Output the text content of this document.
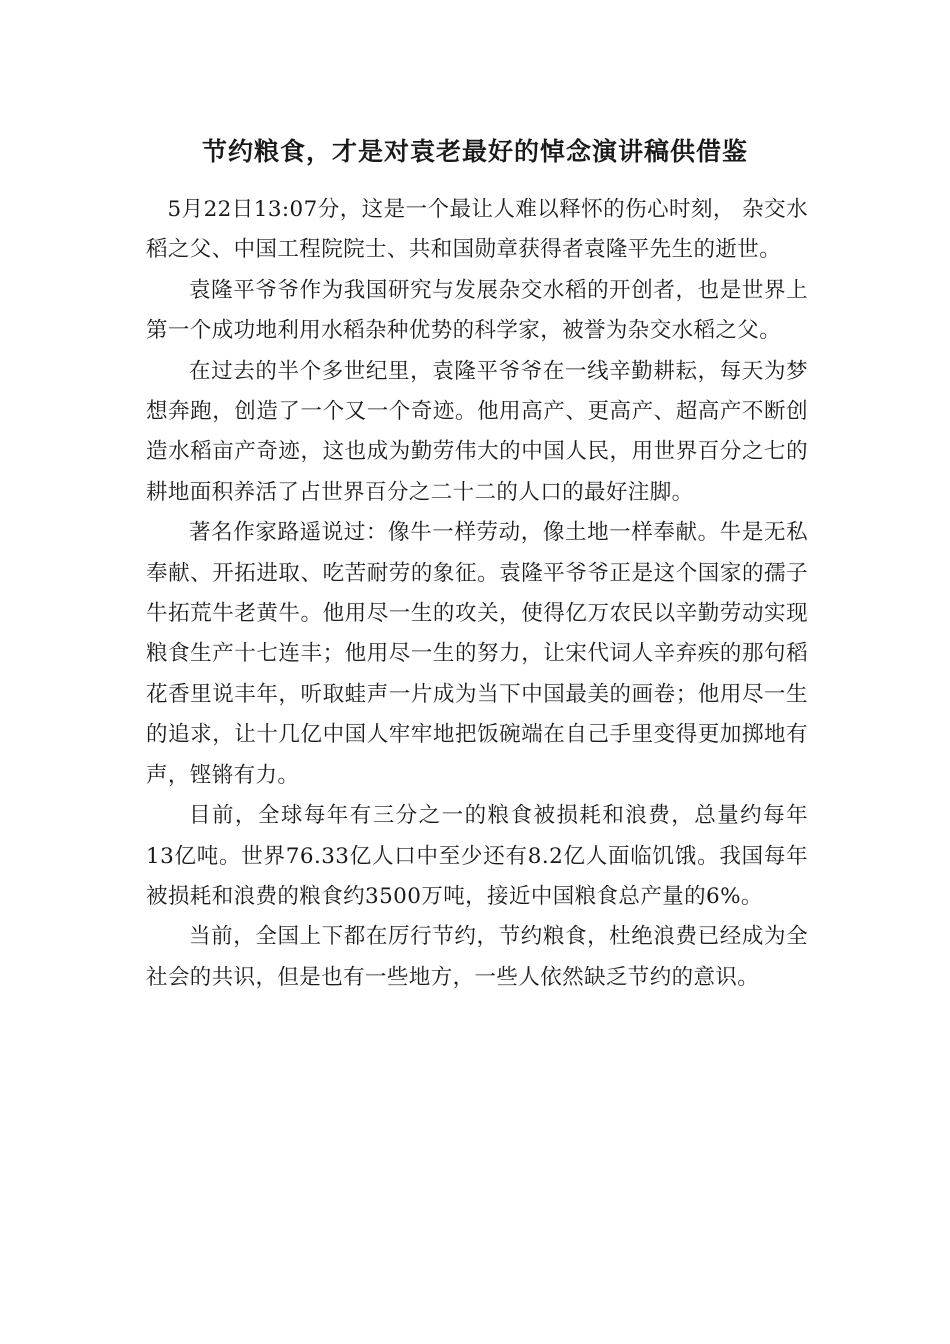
节约粮食，才是对袁老最好的悼念演讲稿供借鉴

5月22日13:07分，这是一个最让人难以释怀的伤心时刻， 杂交水稻之父、中国工程院院士、共和国勋章获得者袁隆平先生的逝世。

袁隆平爷爷作为我国研究与发展杂交水稻的开创者，也是世界上第一个成功地利用水稻杂种优势的科学家，被誉为杂交水稻之父。

在过去的半个多世纪里，袁隆平爷爷在一线辛勤耕耘，每天为梦想奔跑，创造了一个又一个奇迹。他用高产、更高产、超高产不断创造水稻亩产奇迹，这也成为勤劳伟大的中国人民，用世界百分之七的耕地面积养活了占世界百分之二十二的人口的最好注脚。

著名作家路遥说过：像牛一样劳动，像土地一样奉献。牛是无私奉献、开拓进取、吃苦耐劳的象征。袁隆平爷爷正是这个国家的孺子牛拓荒牛老黄牛。他用尽一生的攻关，使得亿万农民以辛勤劳动实现粮食生产十七连丰；他用尽一生的努力，让宋代词人辛弃疾的那句稻花香里说丰年，听取蛙声一片成为当下中国最美的画卷；他用尽一生的追求，让十几亿中国人牢牢地把饭碗端在自己手里变得更加掷地有声，铿锵有力。

目前，全球每年有三分之一的粮食被损耗和浪费，总量约每年13亿吨。世界76.33亿人口中至少还有8.2亿人面临饥饿。我国每年被损耗和浪费的粮食约3500万吨，接近中国粮食总产量的6%。

当前，全国上下都在厉行节约，节约粮食，杜绝浪费已经成为全社会的共识，但是也有一些地方，一些人依然缺乏节约的意识。
